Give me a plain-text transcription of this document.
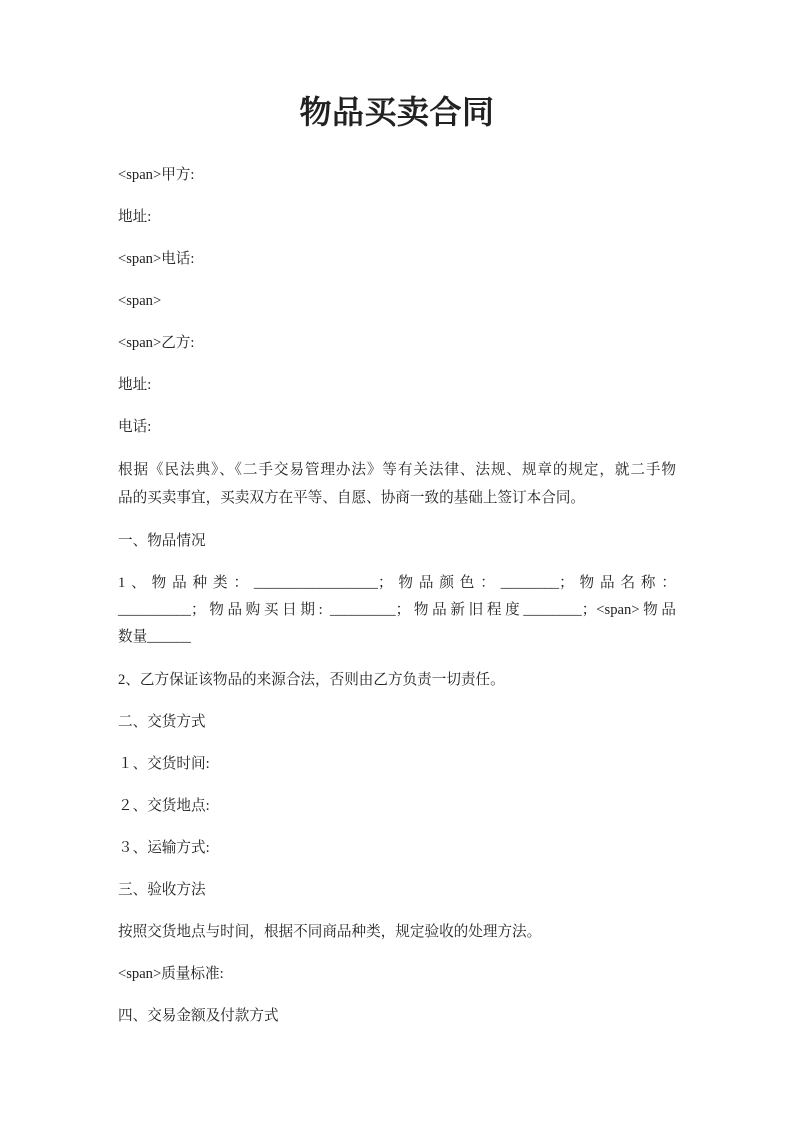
物品买卖合同

<span>甲方:

地址:

<span>电话:

<span>

<span>乙方:

地址:

电话:

根据《民法典》、《二手交易管理办法》等有关法律、法规、规章的规定，就二手物
品的买卖事宜，买卖双方在平等、自愿、协商一致的基础上签订本合同。

一、物品情况

1、物品种类：_________________；物品颜色：________；物品名称：
__________；物品购买日期: _________；物品新旧程度________；<span>物品
数量______

2、乙方保证该物品的来源合法，否则由乙方负责一切责任。

二、交货方式

１、交货时间:

２、交货地点:

３、运输方式:

三、验收方法

按照交货地点与时间，根据不同商品种类，规定验收的处理方法。

<span>质量标准:

四、交易金额及付款方式
